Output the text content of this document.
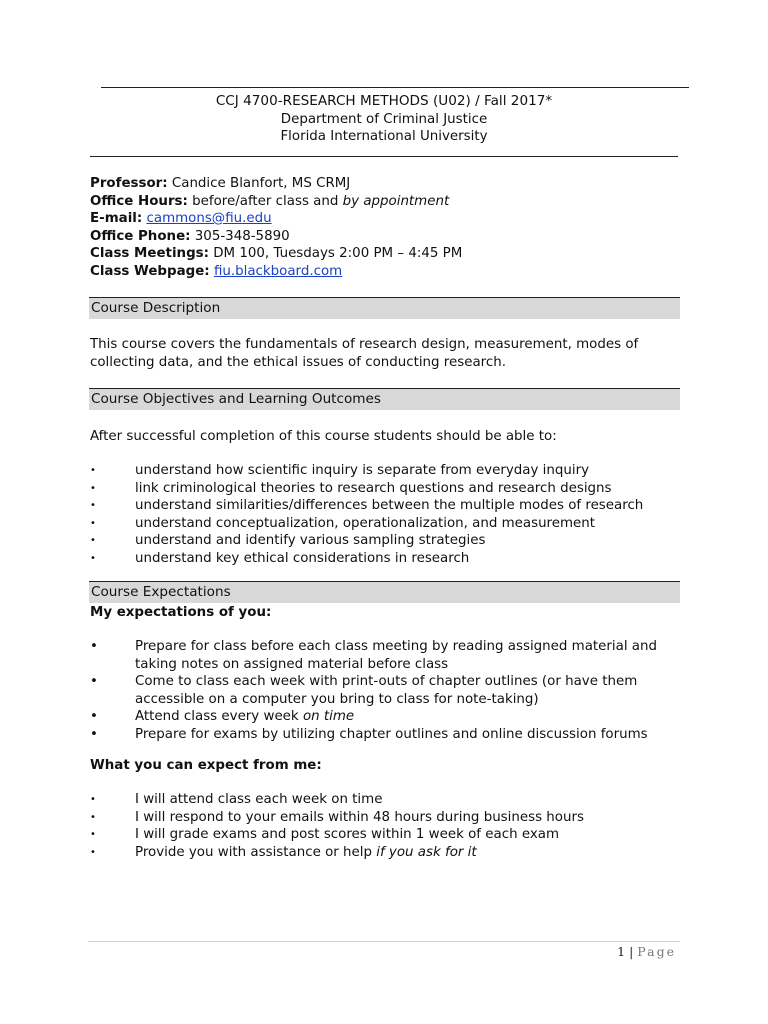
CCJ 4700-RESEARCH METHODS (U02) / Fall 2017*
Department of Criminal Justice
Florida International University
Professor: Candice Blanfort, MS CRMJ
Office Hours: before/after class and by appointment
E-mail: cammons@fiu.edu
Office Phone: 305-348-5890
Class Meetings: DM 100, Tuesdays 2:00 PM – 4:45 PM
Class Webpage: fiu.blackboard.com
Course Description
This course covers the fundamentals of research design, measurement, modes of collecting data, and the ethical issues of conducting research.
Course Objectives and Learning Outcomes
After successful completion of this course students should be able to:
•	understand how scientific inquiry is separate from everyday inquiry
•	link criminological theories to research questions and research designs
•	understand similarities/differences between the multiple modes of research
•	understand conceptualization, operationalization, and measurement
•	understand and identify various sampling strategies
•	understand key ethical considerations in research
Course Expectations
My expectations of you:
•	Prepare for class before each class meeting by reading assigned material and taking notes on assigned material before class
•	Come to class each week with print-outs of chapter outlines (or have them accessible on a computer you bring to class for note-taking)
•	Attend class every week on time
•	Prepare for exams by utilizing chapter outlines and online discussion forums
What you can expect from me:
•	I will attend class each week on time
•	I will respond to your emails within 48 hours during business hours
•	I will grade exams and post scores within 1 week of each exam
•	Provide you with assistance or help if you ask for it
1 | Page
